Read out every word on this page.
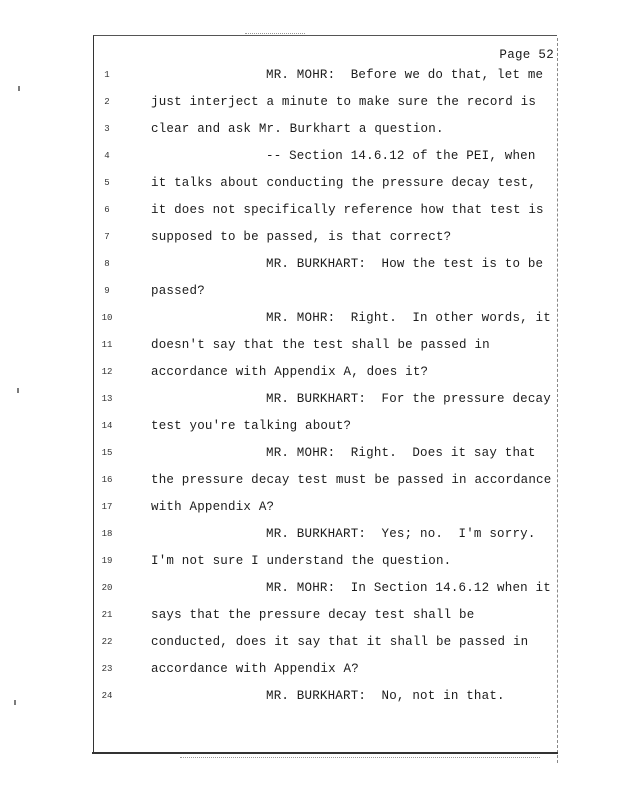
Page 52
1	MR. MOHR:  Before we do that, let me
2	just interject a minute to make sure the record is
3	clear and ask Mr. Burkhart a question.
4	-- Section 14.6.12 of the PEI, when
5	it talks about conducting the pressure decay test,
6	it does not specifically reference how that test is
7	supposed to be passed, is that correct?
8	MR. BURKHART:  How the test is to be
9	passed?
10	MR. MOHR:  Right.  In other words, it
11	doesn't say that the test shall be passed in
12	accordance with Appendix A, does it?
13	MR. BURKHART:  For the pressure decay
14	test you're talking about?
15	MR. MOHR:  Right.  Does it say that
16	the pressure decay test must be passed in accordance
17	with Appendix A?
18	MR. BURKHART:  Yes; no.  I'm sorry.
19	I'm not sure I understand the question.
20	MR. MOHR:  In Section 14.6.12 when it
21	says that the pressure decay test shall be
22	conducted, does it say that it shall be passed in
23	accordance with Appendix A?
24	MR. BURKHART:  No, not in that.
